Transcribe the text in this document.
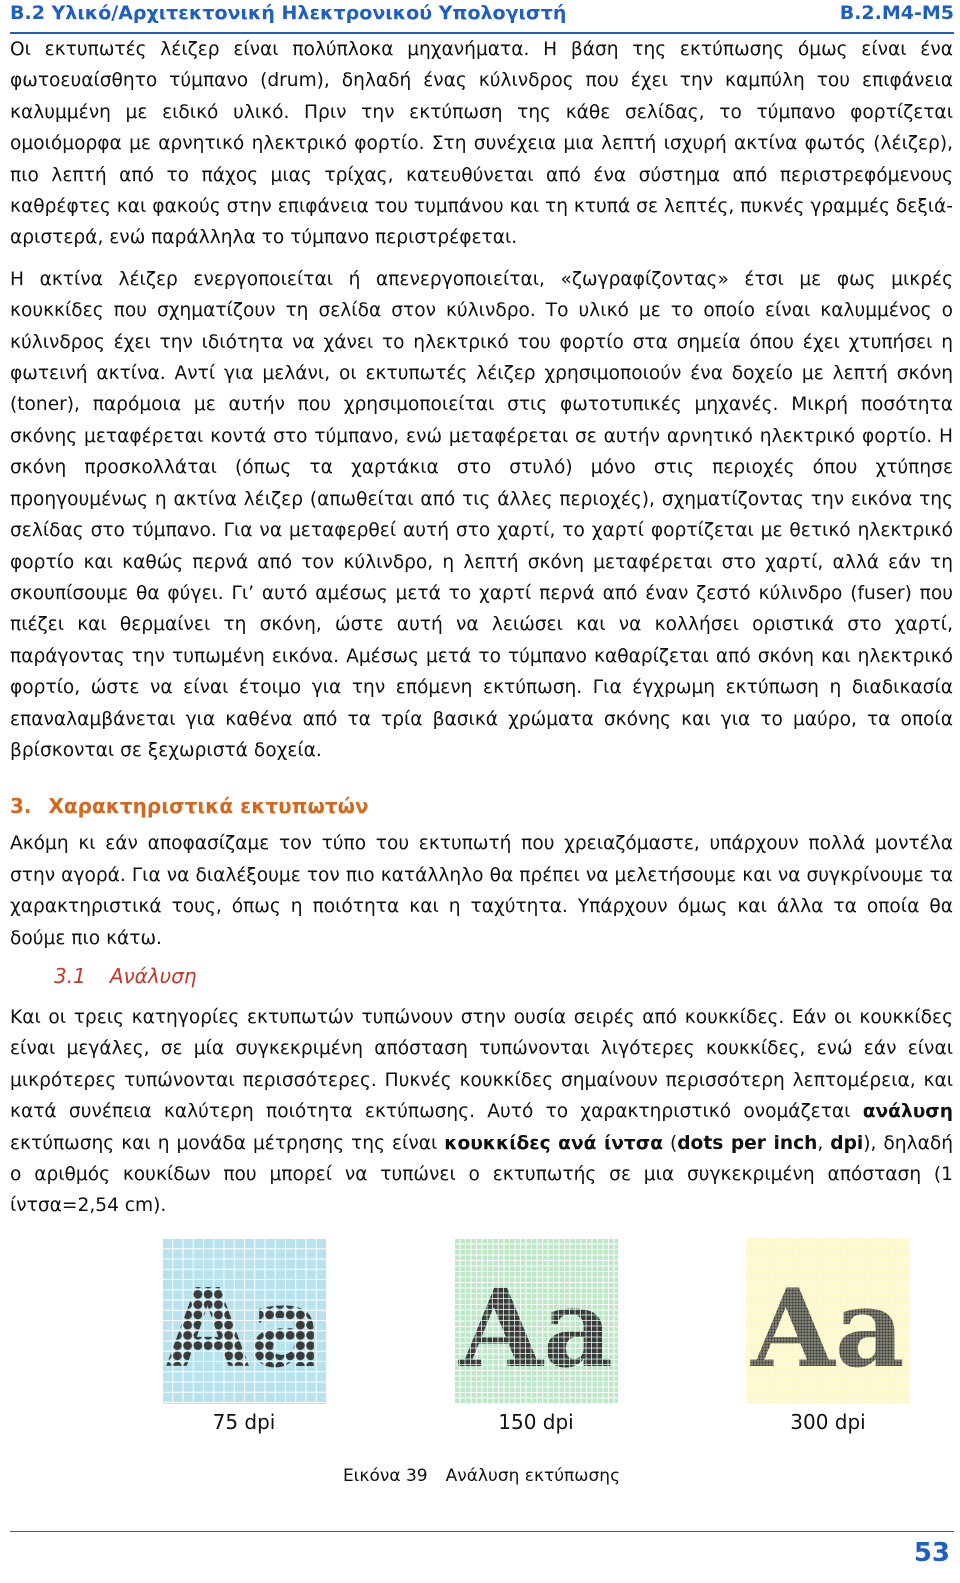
B.2 Υλικό/Αρχιτεκτονική Ηλεκτρονικού Υπολογιστή	B.2.M4-M5

Οι εκτυπωτές λέιζερ είναι πολύπλοκα μηχανήματα. Η βάση της εκτύπωσης όμως είναι ένα φωτοευαίσθητο τύμπανο (drum), δηλαδή ένας κύλινδρος που έχει την καμπύλη του επιφάνεια καλυμμένη με ειδικό υλικό. Πριν την εκτύπωση της κάθε σελίδας, το τύμπανο φορτίζεται ομοιόμορφα με αρνητικό ηλεκτρικό φορτίο. Στη συνέχεια μια λεπτή ισχυρή ακτίνα φωτός (λέιζερ), πιο λεπτή από το πάχος μιας τρίχας, κατευθύνεται από ένα σύστημα από περιστρεφόμενους καθρέφτες και φακούς στην επιφάνεια του τυμπάνου και τη κτυπά σε λεπτές, πυκνές γραμμές δεξιά-αριστερά, ενώ παράλληλα το τύμπανο περιστρέφεται.

Η ακτίνα λέιζερ ενεργοποιείται ή απενεργοποιείται, «ζωγραφίζοντας» έτσι με φως μικρές κουκκίδες που σχηματίζουν τη σελίδα στον κύλινδρο. Το υλικό με το οποίο είναι καλυμμένος ο κύλινδρος έχει την ιδιότητα να χάνει το ηλεκτρικό του φορτίο στα σημεία όπου έχει χτυπήσει η φωτεινή ακτίνα. Αντί για μελάνι, οι εκτυπωτές λέιζερ χρησιμοποιούν ένα δοχείο με λεπτή σκόνη (toner), παρόμοια με αυτήν που χρησιμοποιείται στις φωτοτυπικές μηχανές. Μικρή ποσότητα σκόνης μεταφέρεται κοντά στο τύμπανο, ενώ μεταφέρεται σε αυτήν αρνητικό ηλεκτρικό φορτίο. Η σκόνη προσκολλάται (όπως τα χαρτάκια στο στυλό) μόνο στις περιοχές όπου χτύπησε προηγουμένως η ακτίνα λέιζερ (απωθείται από τις άλλες περιοχές), σχηματίζοντας την εικόνα της σελίδας στο τύμπανο. Για να μεταφερθεί αυτή στο χαρτί, το χαρτί φορτίζεται με θετικό ηλεκτρικό φορτίο και καθώς περνά από τον κύλινδρο, η λεπτή σκόνη μεταφέρεται στο χαρτί, αλλά εάν τη σκουπίσουμε θα φύγει. Γι’ αυτό αμέσως μετά το χαρτί περνά από έναν ζεστό κύλινδρο (fuser) που πιέζει και θερμαίνει τη σκόνη, ώστε αυτή να λειώσει και να κολλήσει οριστικά στο χαρτί, παράγοντας την τυπωμένη εικόνα. Αμέσως μετά το τύμπανο καθαρίζεται από σκόνη και ηλεκτρικό φορτίο, ώστε να είναι έτοιμο για την επόμενη εκτύπωση. Για έγχρωμη εκτύπωση η διαδικασία επαναλαμβάνεται για καθένα από τα τρία βασικά χρώματα σκόνης και για το μαύρο, τα οποία βρίσκονται σε ξεχωριστά δοχεία.

3. Χαρακτηριστικά εκτυπωτών

Ακόμη κι εάν αποφασίζαμε τον τύπο του εκτυπωτή που χρειαζόμαστε, υπάρχουν πολλά μοντέλα στην αγορά. Για να διαλέξουμε τον πιο κατάλληλο θα πρέπει να μελετήσουμε και να συγκρίνουμε τα χαρακτηριστικά τους, όπως η ποιότητα και η ταχύτητα. Υπάρχουν όμως και άλλα τα οποία θα δούμε πιο κάτω.

3.1 Ανάλυση

Και οι τρεις κατηγορίες εκτυπωτών τυπώνουν στην ουσία σειρές από κουκκίδες. Εάν οι κουκκίδες είναι μεγάλες, σε μία συγκεκριμένη απόσταση τυπώνονται λιγότερες κουκκίδες, ενώ εάν είναι μικρότερες τυπώνονται περισσότερες. Πυκνές κουκκίδες σημαίνουν περισσότερη λεπτομέρεια, και κατά συνέπεια καλύτερη ποιότητα εκτύπωσης. Αυτό το χαρακτηριστικό ονομάζεται ανάλυση εκτύπωσης και η μονάδα μέτρησης της είναι κουκκίδες ανά ίντσα (dots per inch, dpi), δηλαδή ο αριθμός κουκίδων που μπορεί να τυπώνει ο εκτυπωτής σε μια συγκεκριμένη απόσταση (1 ίντσα=2,54 cm).

75 dpi	150 dpi	300 dpi
Εικόνα 39 Ανάλυση εκτύπωσης
53
